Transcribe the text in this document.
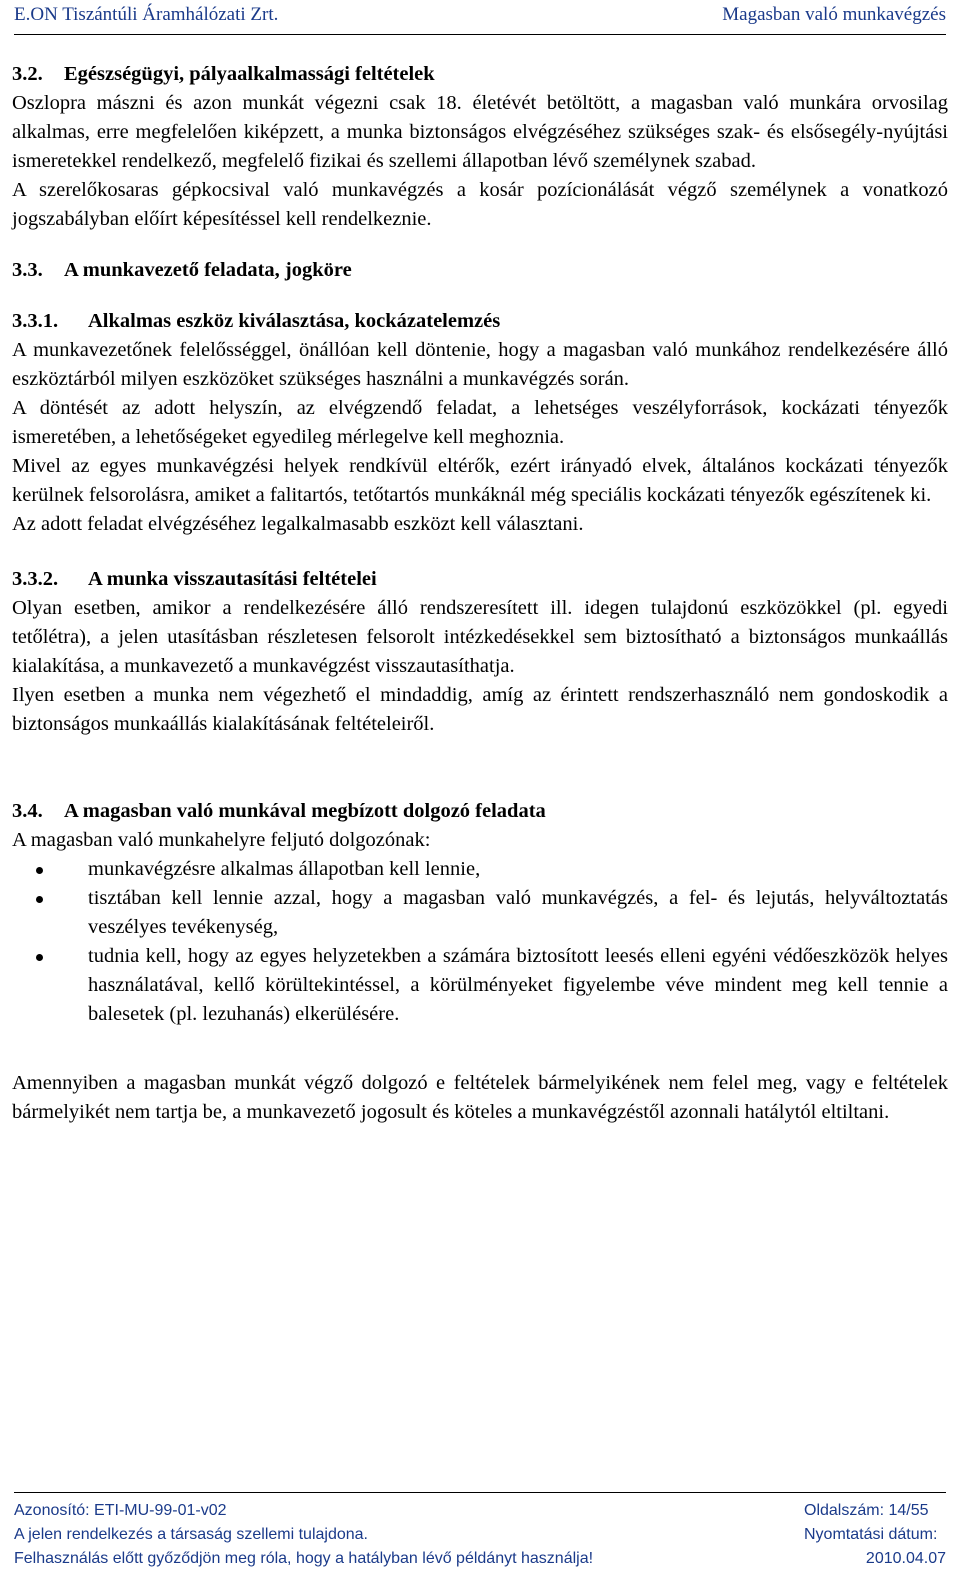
E.ON Tiszántúli Áramhálózati Zrt.	Magasban való munkavégzés
3.2. Egészségügyi, pályaalkalmassági feltételek

Oszlopra mászni és azon munkát végezni csak 18. életévét betöltött, a magasban való munkára orvosilag alkalmas, erre megfelelően kiképzett, a munka biztonságos elvégzéséhez szükséges szak- és elsősegély-nyújtási ismeretekkel rendelkező, megfelelő fizikai és szellemi állapotban lévő személynek szabad.

A szerelőkosaras gépkocsival való munkavégzés a kosár pozícionálását végző személynek a vonatkozó jogszabályban előírt képesítéssel kell rendelkeznie.

3.3. A munkavezető feladata, jogköre
3.3.1. Alkalmas eszköz kiválasztása, kockázatelemzés

A munkavezetőnek felelősséggel, önállóan kell döntenie, hogy a magasban való munkához rendelkezésére álló eszköztárból milyen eszközöket szükséges használni a munkavégzés során.

A döntését az adott helyszín, az elvégzendő feladat, a lehetséges veszélyforrások, kockázati tényezők ismeretében, a lehetőségeket egyedileg mérlegelve kell meghoznia.

Mivel az egyes munkavégzési helyek rendkívül eltérők, ezért irányadó elvek, általános kockázati tényezők kerülnek felsorolásra, amiket a falitartós, tetőtartós munkáknál még speciális kockázati tényezők egészítenek ki.

Az adott feladat elvégzéséhez legalkalmasabb eszközt kell választani.

3.3.2. A munka visszautasítási feltételei

Olyan esetben, amikor a rendelkezésére álló rendszeresített ill. idegen tulajdonú eszközökkel (pl. egyedi tetőlétra), a jelen utasításban részletesen felsorolt intézkedésekkel sem biztosítható a biztonságos munkaállás kialakítása, a munkavezető a munkavégzést visszautasíthatja.

Ilyen esetben a munka nem végezhető el mindaddig, amíg az érintett rendszerhasználó nem gondoskodik a biztonságos munkaállás kialakításának feltételeiről.

3.4. A magasban való munkával megbízott dolgozó feladata

A magasban való munkahelyre feljutó dolgozónak:

munkavégzésre alkalmas állapotban kell lennie,
tisztában kell lennie azzal, hogy a magasban való munkavégzés, a fel- és lejutás, helyváltoztatás veszélyes tevékenység,
tudnia kell, hogy az egyes helyzetekben a számára biztosított leesés elleni egyéni védőeszközök helyes használatával, kellő körültekintéssel, a körülményeket figyelembe véve mindent meg kell tennie a balesetek (pl. lezuhanás) elkerülésére.

Amennyiben a magasban munkát végző dolgozó e feltételek bármelyikének nem felel meg, vagy e feltételek bármelyikét nem tartja be, a munkavezető jogosult és köteles a munkavégzéstől azonnali hatálytól eltiltani.

Azonosító: ETI-MU-99-01-v02	Oldalszám: 14/55
A jelen rendelkezés a társaság szellemi tulajdona.	Nyomtatási dátum:
Felhasználás előtt győződjön meg róla, hogy a hatályban lévő példányt használja!	2010.04.07
